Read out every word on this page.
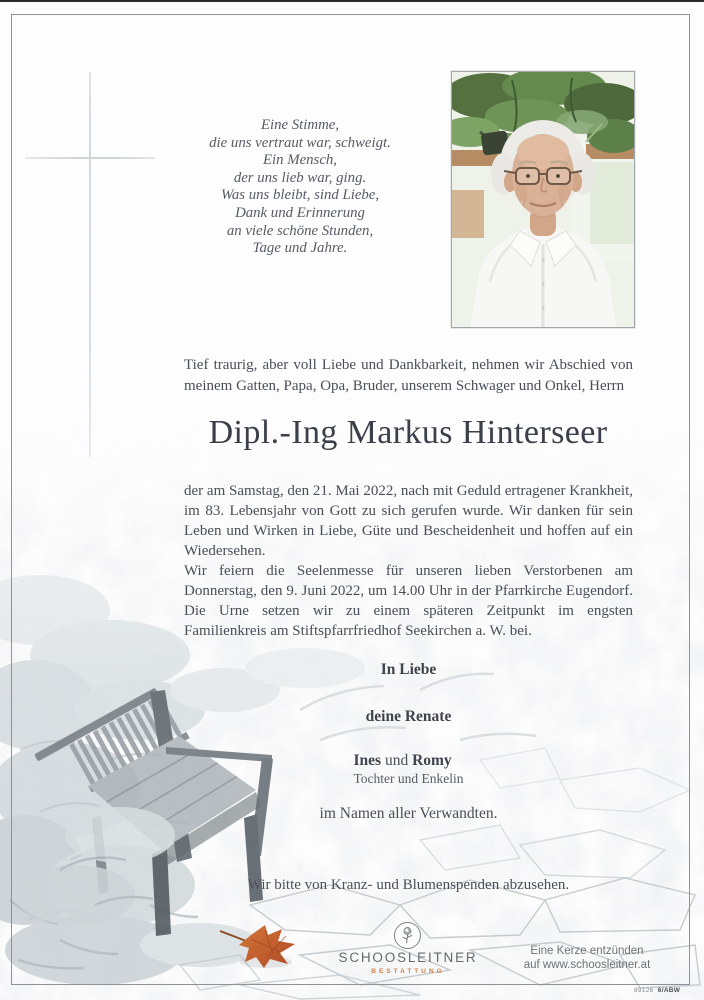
Eine Stimme,
die uns vertraut war, schweigt.
Ein Mensch,
der uns lieb war, ging.
Was uns bleibt, sind Liebe,
Dank und Erinnerung
an viele schöne Stunden,
Tage und Jahre.
Tief traurig, aber voll Liebe und Dankbarkeit, nehmen wir Abschied von meinem Gatten, Papa, Opa, Bruder, unserem Schwager und Onkel, Herrn
Dipl.-Ing Markus Hinterseer
der am Samstag, den 21. Mai 2022, nach mit Geduld ertragener Krankheit, im 83. Lebensjahr von Gott zu sich gerufen wurde. Wir danken für sein Leben und Wirken in Liebe, Güte und Bescheidenheit und hoffen auf ein Wiedersehen.
Wir feiern die Seelenmesse für unseren lieben Verstorbenen am Donnerstag, den 9. Juni 2022, um 14.00 Uhr in der Pfarrkirche Eugendorf. Die Urne setzen wir zu einem späteren Zeitpunkt im engsten Familienkreis am Stiftspfarrfriedhof Seekirchen a. W. bei.
In Liebe
deine Renate
Ines und Romy
Tochter und Enkelin
im Namen aller Verwandten.
Wir bitte von Kranz- und Blumenspenden abzusehen.
SCHOOSLEITNER
BESTATTUNG
Eine Kerze entzünden
auf www.schoosleitner.at
89126 6/ABW
